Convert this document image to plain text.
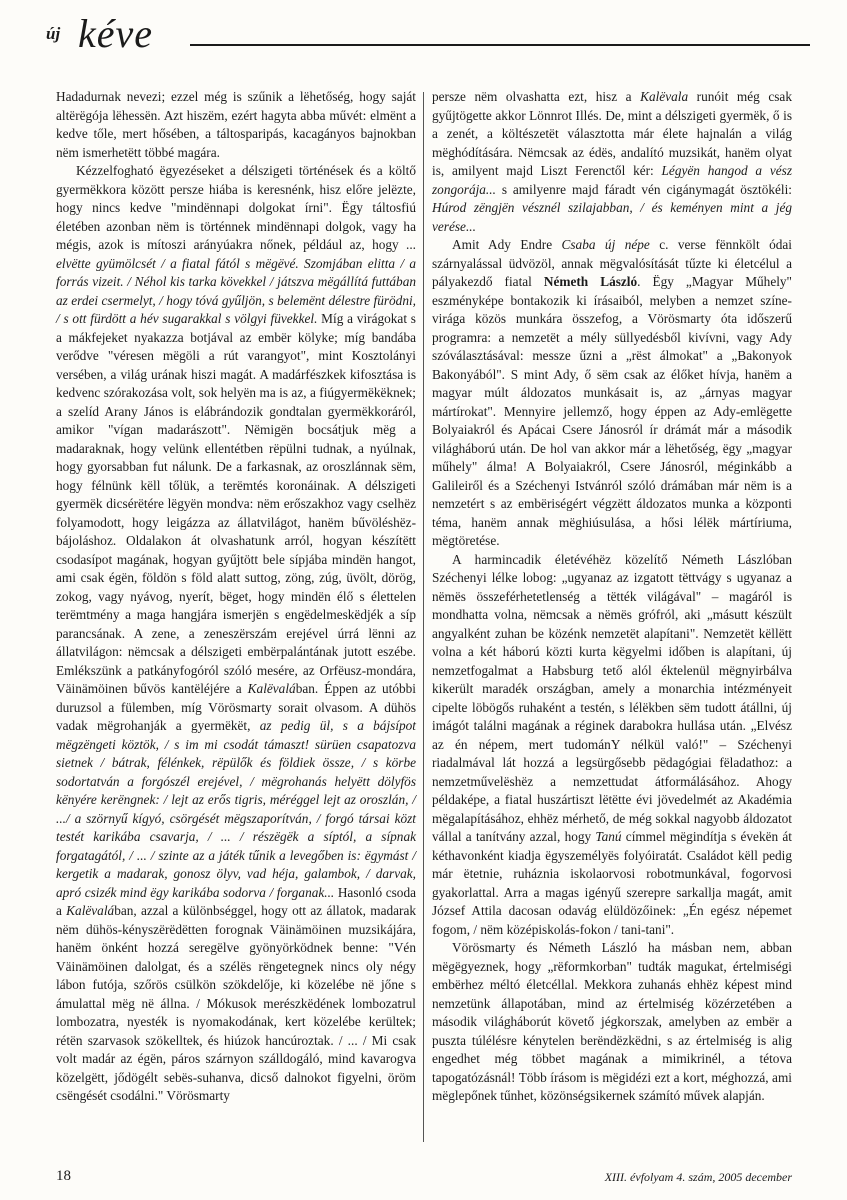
új kéve

Hadadurnak nevezi; ezzel még is szűnik a lëhetőség, hogy saját altërëgója lëhessën. Azt hiszëm, ezért hagyta abba művét: elmënt a kedve tőle, mert hősében, a táltosparipás, kacagányos bajnokban nëm ismerhetëtt többé magára.

Kézzelfogható ëgyezéseket a délszigeti történések és a költő gyermëkkora között persze hiába is keresnénk, hisz előre jelëzte, hogy nincs kedve "mindënnapi dolgokat írni". Ëgy táltosfiú életében azonban nëm is történnek mindënnapi dolgok, vagy ha mégis, azok is mítoszi arányúakra nőnek, például az, hogy ... elvëtte gyümölcsét / a fiatal fától s mëgëvé. Szomjában elitta / a forrás vizeit. / Néhol kis tarka kövekkel / játszva mëgállítá futtában az erdei csermelyt, / hogy tóvá gyűljön, s belemënt délestre fürödni, / s ott fürdött a hév sugarakkal s völgyi füvekkel. Míg a virágokat s a mákfejeket nyakazza botjával az embër kölyke; míg bandába verődve "véresen mëgöli a rút varangyot", mint Kosztolányi versében, a világ urának hiszi magát. A madárfészkek kifosztása is kedvenc szórakozása volt, sok helyën ma is az, a fiúgyermëkëknek; a szelíd Arany János is elábrándozik gondtalan gyermëkkoráról, amikor "vígan madarászott". Nëmigën bocsátjuk mëg a madaraknak, hogy velünk ellentétben rëpülni tudnak, a nyúlnak, hogy gyorsabban fut nálunk. De a farkasnak, az oroszlánnak sëm, hogy félnünk këll tőlük, a terëmtés koronáinak. A délszigeti gyermëk dicsérëtére lëgyën mondva: nëm erőszakhoz vagy cselhëz folyamodott, hogy leigázza az állatvilágot, hanëm bűvöléshëz-bájoláshoz. Oldalakon át olvashatunk arról, hogyan készítëtt csodasípot magának, hogyan gyűjtött bele sípjába mindën hangot, ami csak égën, földön s föld alatt suttog, zöng, zúg, üvölt, dörög, zokog, vagy nyávog, nyerít, bëget, hogy mindën élő s élettelen terëmtmény a maga hangjára ismerjën s engëdelmeskëdjék a síp parancsának. A zene, a zeneszërszám erejével úrrá lënni az állatvilágon: nëmcsak a délszigeti embërpalántának jutott eszébe. Emlékszünk a patkányfogóról szóló mesére, az Orfëusz-mondára, Väinämöinen bűvös kantëléjére a Kalëvalában. Éppen az utóbbi duruzsol a fülemben, míg Vörösmarty sorait olvasom. A dühös vadak mëgrohanják a gyermëkët, az pedig ül, s a bájsípot mëgzëngeti köztök, / s im mi csodát támaszt! sürüen csapatozva sietnek / bátrak, félénkek, rëpülők és földiek össze, / s körbe sodortatván a forgószél erejével, / mëgrohanás helyëtt dölyfös kënyére kerëngnek: / lejt az erős tigris, méréggel lejt az oroszlán, / .../ a szörnyű kígyó, csörgését mëgszaporítván, / forgó társai közt testét karikába csavarja, / ... / részëgëk a síptól, a sípnak forgatagától, / ... / szinte az a játék tűnik a levegőben is: ëgymást / kergetik a madarak, gonosz ölyv, vad héja, galambok, / darvak, apró csizék mind ëgy karikába sodorva / forganak... Hasonló csoda a Kalëvalában, azzal a különbséggel, hogy ott az állatok, madarak nëm dühös-kényszërëdëtten forognak Väinämöinen muzsikájára, hanëm önként hozzá seregëlve gyönyörködnek benne: "Vén Väinämöinen dalolgat, és a szélës rëngetegnek nincs oly négy lábon futója, szőrös csülkön szökdelője, ki közelébe në jőne s ámulattal mëg në állna. / Mókusok merészkëdének lombozatrul lombozatra, nyesték is nyomakodának, kert közelébe kerültek; rétën szarvasok szökelltek, és hiúzok hancúroztak. / ... / Mi csak volt madár az égën, páros szárnyon szálldogáló, mind kavarogva közelgëtt, jődögélt sebës-suhanva, dicső dalnokot figyelni, öröm csëngését csodálni." Vörösmarty

persze nëm olvashatta ezt, hisz a Kalëvala runóit még csak gyűjtögette akkor Lönnrot Illés. De, mint a délszigeti gyermëk, ő is a zenét, a költészetët választotta már élete hajnalán a világ mëghódítására. Nëmcsak az édës, andalító muzsikát, hanëm olyat is, amilyent majd Liszt Ferenctől kér: Légyën hangod a vész zongorája... s amilyenre majd fáradt vén cigánymagát ösztökéli: Húrod zëngjën vésznél szilajabban, / és keményen mint a jég verése...

Amit Ady Endre Csaba új népe c. verse fënnkölt ódai szárnyalással üdvözöl, annak mëgvalósítását tűzte ki életcélul a pályakezdő fiatal Németh László. Ëgy „Magyar Műhely" eszményképe bontakozik ki írásaiból, melyben a nemzet színe-virága közös munkára összefog, a Vörösmarty óta időszerű programra: a nemzetët a mély süllyedésből kivívni, vagy Ady szóválasztásával: messze űzni a „rëst álmokat" a „Bakonyok Bakonyából". S mint Ady, ő sëm csak az élőket hívja, hanëm a magyar múlt áldozatos munkásait is, az „árnyas magyar mártírokat". Mennyire jellemző, hogy éppen az Ady-emlëgette Bolyaiakról és Apácai Csere Jánosról ír drámát már a második világháború után. De hol van akkor már a lëhetőség, ëgy „magyar műhely" álma! A Bolyaiakról, Csere Jánosról, méginkább a Galileiről és a Széchenyi Istvánról szóló drámában már nëm is a nemzetért s az embëriségért végzëtt áldozatos munka a központi téma, hanëm annak mëghiúsulása, a hősi lélëk mártíriuma, mëgtöretése.

A harmincadik életévéhëz közelítő Németh Lászlóban Széchenyi lélke lobog: „ugyanaz az izgatott tëttvágy s ugyanaz a nëmës összeférhetetlenség a tëtték világával" – magáról is mondhatta volna, nëmcsak a nëmës grófról, aki „másutt készült angyalként zuhan be közénk nemzetët alapítani". Nemzetët këllëtt volna a két háború közti kurta këgyelmi időben is alapítani, új nemzetfogalmat a Habsburg tető alól éktelenül mëgnyirbálva kikerült maradék országban, amely a monarchia intézményeit cipelte löbögős ruhaként a testén, s lélëkben sëm tudott átállni, új imágót találni magának a réginek darabokra hullása után. „Elvész az én népem, mert tudománY nélkül való!" – Széchenyi riadalmával lát hozzá a legsürgősebb pëdagógiai fëladathoz: a nemzetművelëshëz a nemzettudat átformálásához. Ahogy példaképe, a fiatal huszártiszt lëtëtte évi jövedelmét az Akadémia mëgalapításához, ehhëz mérhető, de még sokkal nagyobb áldozatot vállal a tanítvány azzal, hogy Tanú címmel mëgindítja s évekën át kéthavonként kiadja ëgyszemélyës folyóiratát. Családot këll pedig már ëtetnie, ruháznia iskolaorvosi robotmunkával, fogorvosi gyakorlattal. Arra a magas igényű szerepre sarkallja magát, amit József Attila dacosan odavág elüldözőinek: „Én egész népemet fogom, / nëm középiskolás-fokon / tani-tani".

Vörösmarty és Németh László ha másban nem, abban mëgëgyeznek, hogy „rëformkorban" tudták magukat, értelmiségi embërhez méltó életcéllal. Mekkora zuhanás ehhëz képest mind nemzetünk állapotában, mind az értelmiség közérzetében a második világháborút követő jégkorszak, amelyben az embër a puszta túlélésre kénytelen berëndëzkëdni, s az értelmiség is alig engedhet még többet magának a mimikrinél, a tétova tapogatózásnál! Több írásom is mëgidézi ezt a kort, méghozzá, ami mëglepőnek tűnhet, közönségsikernek számító művek alapján.

18	XIII. évfolyam 4. szám, 2005 december
